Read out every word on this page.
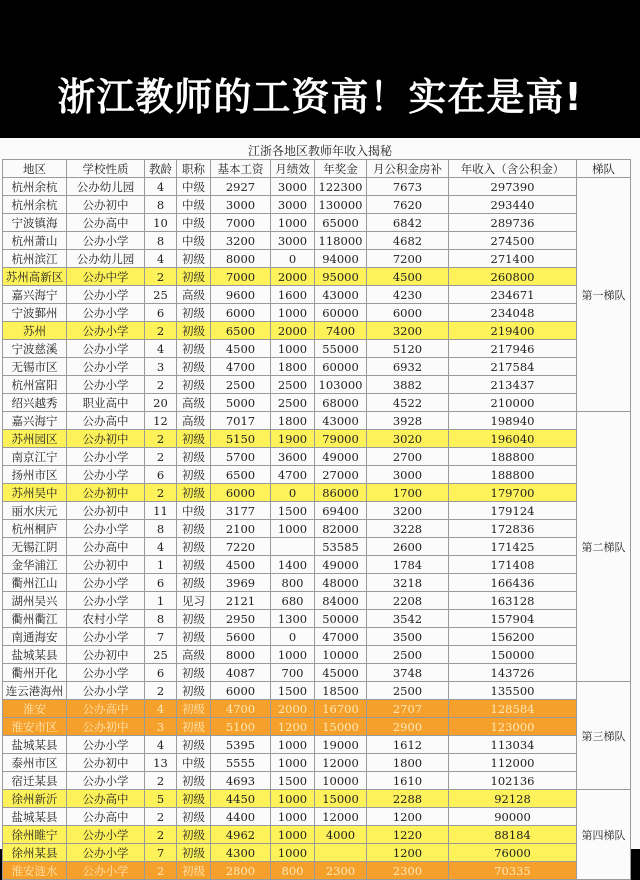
浙江教师的工资高！实在是高!
江浙各地区教师年收入揭秘
地区	学校性质	教龄	职称	基本工资	月绩效	年奖金	月公积金房补	年收入（含公积金）	梯队
杭州余杭	公办幼儿园	4	中级	2927	3000	122300	7673	297390	第一梯队
杭州余杭	公办初中	8	中级	3000	3000	130000	7620	293440	
宁波镇海	公办高中	10	中级	7000	1000	65000	6842	289736	
杭州萧山	公办小学	8	中级	3200	3000	118000	4682	274500	
杭州滨江	公办幼儿园	4	初级	8000	0	94000	7200	271400	
苏州高新区	公办中学	2	初级	7000	2000	95000	4500	260800	
嘉兴海宁	公办小学	25	高级	9600	1600	43000	4230	234671	
宁波鄞州	公办小学	6	初级	6000	1000	60000	6000	234048	
苏州	公办小学	2	初级	6500	2000	7400	3200	219400	
宁波慈溪	公办小学	4	初级	4500	1000	55000	5120	217946	
无锡市区	公办小学	3	初级	4700	1800	60000	6932	217584	
杭州富阳	公办小学	2	初级	2500	2500	103000	3882	213437	
绍兴越秀	职业高中	20	高级	5000	2500	68000	4522	210000	
嘉兴海宁	公办高中	12	高级	7017	1800	43000	3928	198940	第二梯队
苏州园区	公办初中	2	初级	5150	1900	79000	3020	196040	
南京江宁	公办小学	2	初级	5700	3600	49000	2700	188800	
扬州市区	公办小学	6	初级	6500	4700	27000	3000	188800	
苏州吴中	公办初中	2	初级	6000	0	86000	1700	179700	
丽水庆元	公办初中	11	中级	3177	1500	69400	3200	179124	
杭州桐庐	公办小学	8	初级	2100	1000	82000	3228	172836	
无锡江阴	公办高中	4	初级	7220		53585	2600	171425	
金华浦江	公办初中	1	初级	4500	1400	49000	1784	171408	
衢州江山	公办小学	6	初级	3969	800	48000	3218	166436	
湖州吴兴	公办小学	1	见习	2121	680	84000	2208	163128	
衢州衢江	农村小学	8	初级	2950	1300	50000	3542	157904	
南通海安	公办小学	7	初级	5600	0	47000	3500	156200	
盐城某县	公办初中	25	高级	8000	1000	10000	2500	150000	
衢州开化	公办小学	6	初级	4087	700	45000	3748	143726	
连云港海州	公办小学	2	初级	6000	1500	18500	2500	135500	第三梯队
淮安	公办高中	4	初级	4700	2000	16700	2707	128584	
淮安市区	公办初中	3	初级	5100	1200	15000	2900	123000	
盐城某县	公办小学	4	初级	5395	1000	19000	1612	113034	
泰州市区	公办初中	13	中级	5555	1000	12000	1800	112000	
宿迁某县	公办小学	2	初级	4693	1500	10000	1610	102136	
徐州新沂	公办高中	5	初级	4450	1000	15000	2288	92128	第四梯队
盐城某县	公办高中	2	初级	4400	1000	12000	1200	90000	
徐州睢宁	公办小学	2	初级	4962	1000	4000	1220	88184	
徐州某县	公办小学	7	初级	4300	1000		1200	76000	
淮安涟水	公办小学	2	初级	2800	800	2300	2300	70335	
